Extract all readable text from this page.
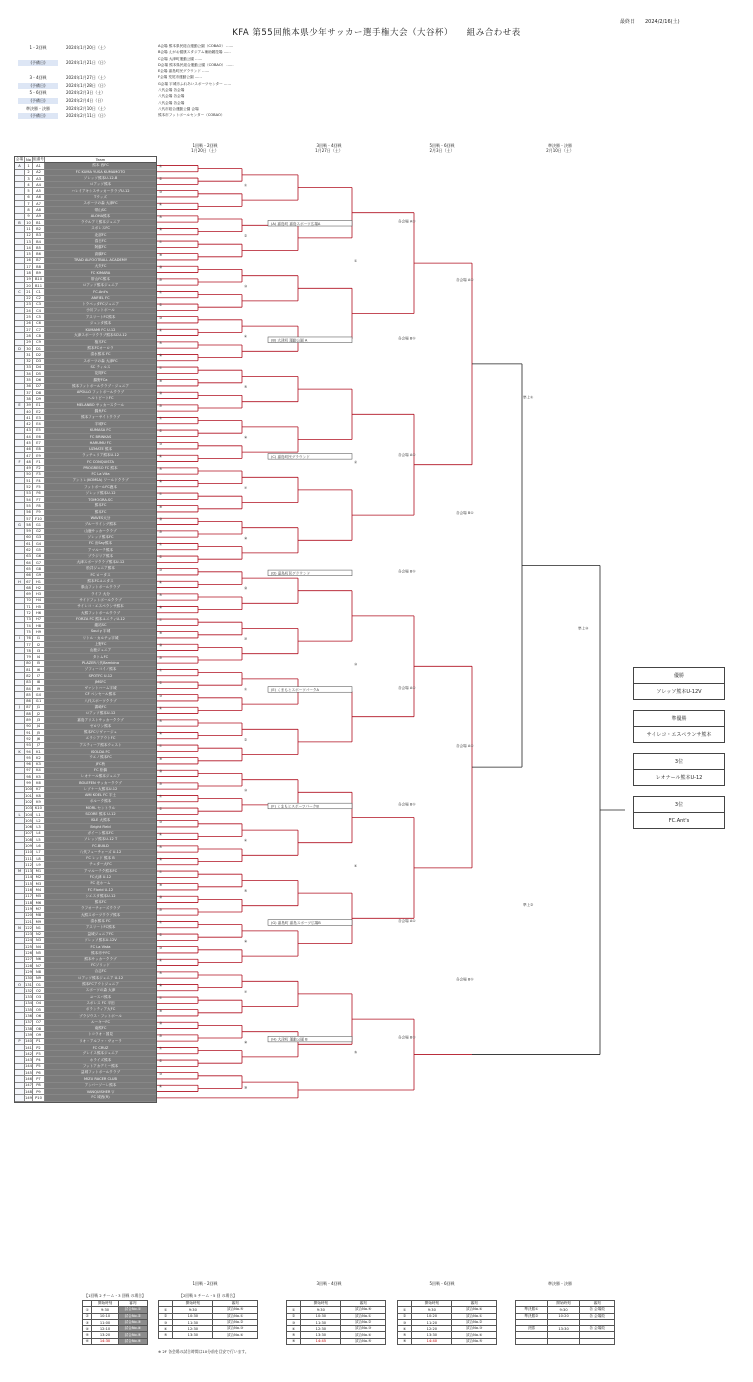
最終日　　2024/2/16(土)
KFA 第55回熊本県少年サッカー選手権大会（大谷杯）　　組み合わせ表
1・2回戦	2024年1月20日（土）
(予備日)	2024年1月21日（日）
3・4回戦	2024年1月27日（土）
(予備日)	2024年1月28日（日）
5・6回戦	2024年2月3日（土）
(予備日)	2024年2月4日（日）
準決勝・決勝	2024年2月10日（土）
(予備日)	2024年2月11日（日）
A会場 熊本県民総合運動公園（COBAO） ……
B会場 えがお健康スタジアム補助競技場 ……
C会場 大津町運動公園 ……
D会場 熊本県民総合運動公園（COBAO） ……
E会場 嘉島町民グラウンド ……
F会場 荒尾市運動公園 ……
G会場 宇城市ふれあいスポーツセンター ……
八代会場 各会場
八代会場 各会場
八代会場 各会場
八代市総合運動公園 会場
熊本市フットボールセンター（COBAO）
会場 No 組番号	Team
A	1	A1	熊本 西FC
2	A2	FC KUMA YUSA KUMAMOTO
3	A3	ソレッソ熊本U-12-B
4	A4	ロアッソ熊本
5	A5	ハレイアキシスサッカークラブU-12
6	A6	Tウッズ
7	A7	スポーツの森 大津FC
8	A8	帯山SC
9	A9	ALOHA熊本
B	10	B1	ラウルアミ熊本ジュニア
11	B2	スポレスFC
12	B3	北部FC
13	B4	春日FC
14	B5	阿蘇FC
15	B6	高橋FC
16	B7	TRAD ÁLFOOTBALL ACADEMY
17	B8	大矢FC
18	B9	FC KIMARA
19	B10	帯山FC熊本
20	B11	ロアッソ熊本ジュニア
C	21	C1	FC.Ant's
22	C2	ANFIEL FC
23	C3	トラベッタFCジュニア
24	C4	小川フットボール
25	C5	アスリートFC熊本
26	C6	ジェンタ熊本
27	C7	KUMAMI FC U-12
28	C8	大津スポーツクラブ熊本SCU-12
29	C9	植木FC
D	30	D1	熊本FCオーロラ
31	D2	清水熊本 FC
32	D3	スポーツの森 大津FC
33	D4	SC ティルス
34	D5	花岡FC
35	D6	錦野FCa
36	D7	熊本フットボールクラブ・ジュニア
37	D8	APOLLO フットボールクラブ
38	D9	ヘルトビートFC
E	39	E1	MELANBO サッカースクール
40	E2	錦糸FC
41	E3	熊本フォーサイトクラブ
42	E4	宇城FC
43	E5	KUMASA FC
44	E6	FC BRINKAS
45	E7	HARUMU FC
46	E8	UZMATE 熊本
47	E9	ラッチェリア熊本U-12
F	48	F1	FC CONQUISTA
49	F2	PROGRESO FC 熊本
50	F3	FC La Vita
51	F4	アントレ(KOMSA) ワールドクラブ
52	F5	フットボールFC鹿本
53	F6	ソレッソ熊本U-12
54	F7	TOMOGRA.SC
55	F8	熊本FC
56	F9	熊本FC
57	F10	WAVES大分
G	58	G1	ブルーウイング熊本
59	G2	山鹿サッカークラブ
60	G3	ソレッソ熊本FC
61	G4	FC 出Say熊本
62	G5	アマルーテ熊本
63	G6	ブラジリア熊本
64	G7	大津スポーツクラブ熊本U-12
65	G8	松井ジュニア熊本
66	G9	FC ロータス
H	67	H1	熊本FCユニタス
68	H2	県山フットボールクラブ
69	H3	ライフ 大分
70	H4	サイドフットボールクラブ
71	H5	サイレコ・エスペランサ熊本
72	H6	大熊フットボールクラブ
73	H7	FORZA FC 熊本ユニティU-12
74	H8	龍祐SC
75	H9	Soul y 宇城
I	76	I1	リトル・カルチョ宇城
77	I2	上野FC
78	I3	山鹿ジュニア
79	I4	タトムFC
80	I5	PLAZER八代Bambina
81	I6	ゾフィーコイノ熊本
82	I7	SPOTFC U-12
83	I8	JMSFC
84	I9	ヴァントハーム宇城
85	I10	CF ベンセール熊本
86	I11	八代スポーツクラブ
J	87	J1	霧崎FC
88	J2	ロアッソ熊本U-12
89	J3	嘉島アリストサッカークラブ
90	J4	ゼロワン熊本
91	J5	熊本FCリヴァージュ
92	J6	エラシアアウトFC
93	J7	アスティーア熊本ウェスト
K	94	K1	ISOLDA FC
95	K2	ウエノ熊本FC
96	K3	JFC秋
97	K4	FC 松橋
98	K5	レオナール熊本ジュニア
99	K6	BOLEFEN サッカークラブ
100	K7	レゾナー大熊本U-12
101	K8	AMI KOEL FC 宇土
102	K9	ボルーク熊本
103 K10	MORL セントラル
L	104	L1	SCORE 熊本 U-12
105	L2	ISLE 大熊本
106	L3	Bright Field
107	L4	ガイーン熊本FC
108	L5	ソレッソ熊本U-12 T
109	L6	FC.BUILD
110	L7	八代フューチャーズ U-12
111	L8	FC レッド 熊本 B
112	L9	チェター大FC
M	113	M1	アマルーテク熊本FC
114	M2	FC大津 U-12
115	M3	FC 北ホーム
116	M4	FC Florid U-12
117	M5	シエスタ熊本U-12
118	M6	熊本FC
119	M7	ラフオーチャーズクラブ
120	M8	大熊スポーツクラブ熊本
121	M9	清水熊本 FC
N	122	N1	アスリートFC熊本
123	N2	益城ジュニアFC
124	N3	ソレッソ熊本U-12V
125	N4	FC La Vista
126	N5	熊本市ヤFC
127	N6	熊本サッカークラブ
128	N7	FCソリッド
129	N8	合志FC
130	N9	ロアッソ熊本ジュニア U-12
O	131	O1	熊本FCアウトジュニア
132	O2	スポーツの森 大津
133	O3	ユースバ熊本
134	O4	スポレス FC 平田
135	O5	ボランティア大FC
136	O6	ブラジウス・フットボール
137	O7	ルーキーFC
138	O8	南熊FC
139	O9	トコラオ・国見
P	140	P1	リオ・アルファ・ヴォーラ
141	P2	FC CRUZ
142	P3	グレイス熊本ジュニア
143	P4	ホライズ熊本
144	P5	フットアカデミー熊本
145	P6	益城フットボールクラブ
146	P7	MIZU RACER CLUB
147	P8	アンバーソーレ熊本
148	P9	VANQUISHER ▽
149 P10	FC 城西(R)
①
②
③
④
⑤
⑥
⑦
⑧
⑨
⑩
①
②
③
④
⑤
⑥
⑦
⑧
⑨
⑩
①
②
③
④
⑤
⑥
⑦
⑧
⑨
⑩
①
②
③
④
⑤
⑥
⑦
⑧
⑨
⑩
①
②
③
④
⑤
⑥
⑦
⑧
⑨
⑩
①
②
③
④
⑤
⑥
⑦
⑧
⑨
⑩
①
②
③
④
⑤
⑥
⑦
⑧
⑨
⑩
①
②
③
④
①
②
③
④
⑤
⑥
⑦
⑧
⑨
⑩
①
②
③
④
⑤
⑥
⑦
⑧
⑨
①
②
③
④
⑤
準上①
準上②
準上③
(A) 嘉島町 嘉島スポーツ広場A
(B) 大津町 運動公園 A
(C) 嘉島町民グラウンド
(D) 嘉島町民グラウンド
(E) くまもとスポーツパークA
(F) くまもとスポーツパークB
(G) 嘉島町 嘉島スポーツ広場B
(H) 大津町 運動公園 B
各会場 A①
各会場 B①
各会場 A①
各会場 B①
各会場 A①
各会場 B①
各会場 A①
各会場 B①
各会場 A①
各会場 B①
各会場 A①
各会場 B①
1回戦・2回戦
1月20日（土）
3回戦・4回戦
1月27日（土）
5回戦・6回戦
2月3日（土）
準決勝・決勝
2月10日（土）
優勝
ソレッソ熊本U-12V
準優勝
サイレコ・エスペランサ熊本
3位
レオナール熊本U-12
3位
FC.Ant's
1回戦・2回戦	3回戦・4回戦	5回戦・6回戦	準決勝・決勝
【1回戦 2 チーム・3 回戦 の場合】
	開始時刻	審判
①	9:30	試合No.①
②	10:10	試合No.②
③	11:00	試合No.③
④	12:10	試合No.④
⑤	13:20	試合No.⑤
⑥	14:30	試合No.⑥
【2回戦 5 チーム・5 回 の場合】
	開始時刻	審判
①	9:30	試合No.⑤
②	10:30	試合No.①
③	11:30	試合No.②
④	12:30	試合No.③
⑤	13:30	試合No.④
	開始時刻	審判
①	9:30	試合No.⑥
②	10:30	試合No.①
③	11:30	試合No.②
④	12:30	試合No.③
⑤	13:30	試合No.④
⑥	14:45	試合No.⑤
	開始時刻	審判
①	9:30	試合No.④
②	10:20	試合No.①
③	11:20	試合No.②
④	12:20	試合No.③
⑤	13:30	試合No.④
⑥	14:40	試合No.⑤
	開始時刻	審判
準決勝①	9:30	各 会場敗
準決勝②	10:20	各 会場敗

決勝	13:30	各 会場敗

※ 2F 各会場の試合時間は10分前を目安で行います。
